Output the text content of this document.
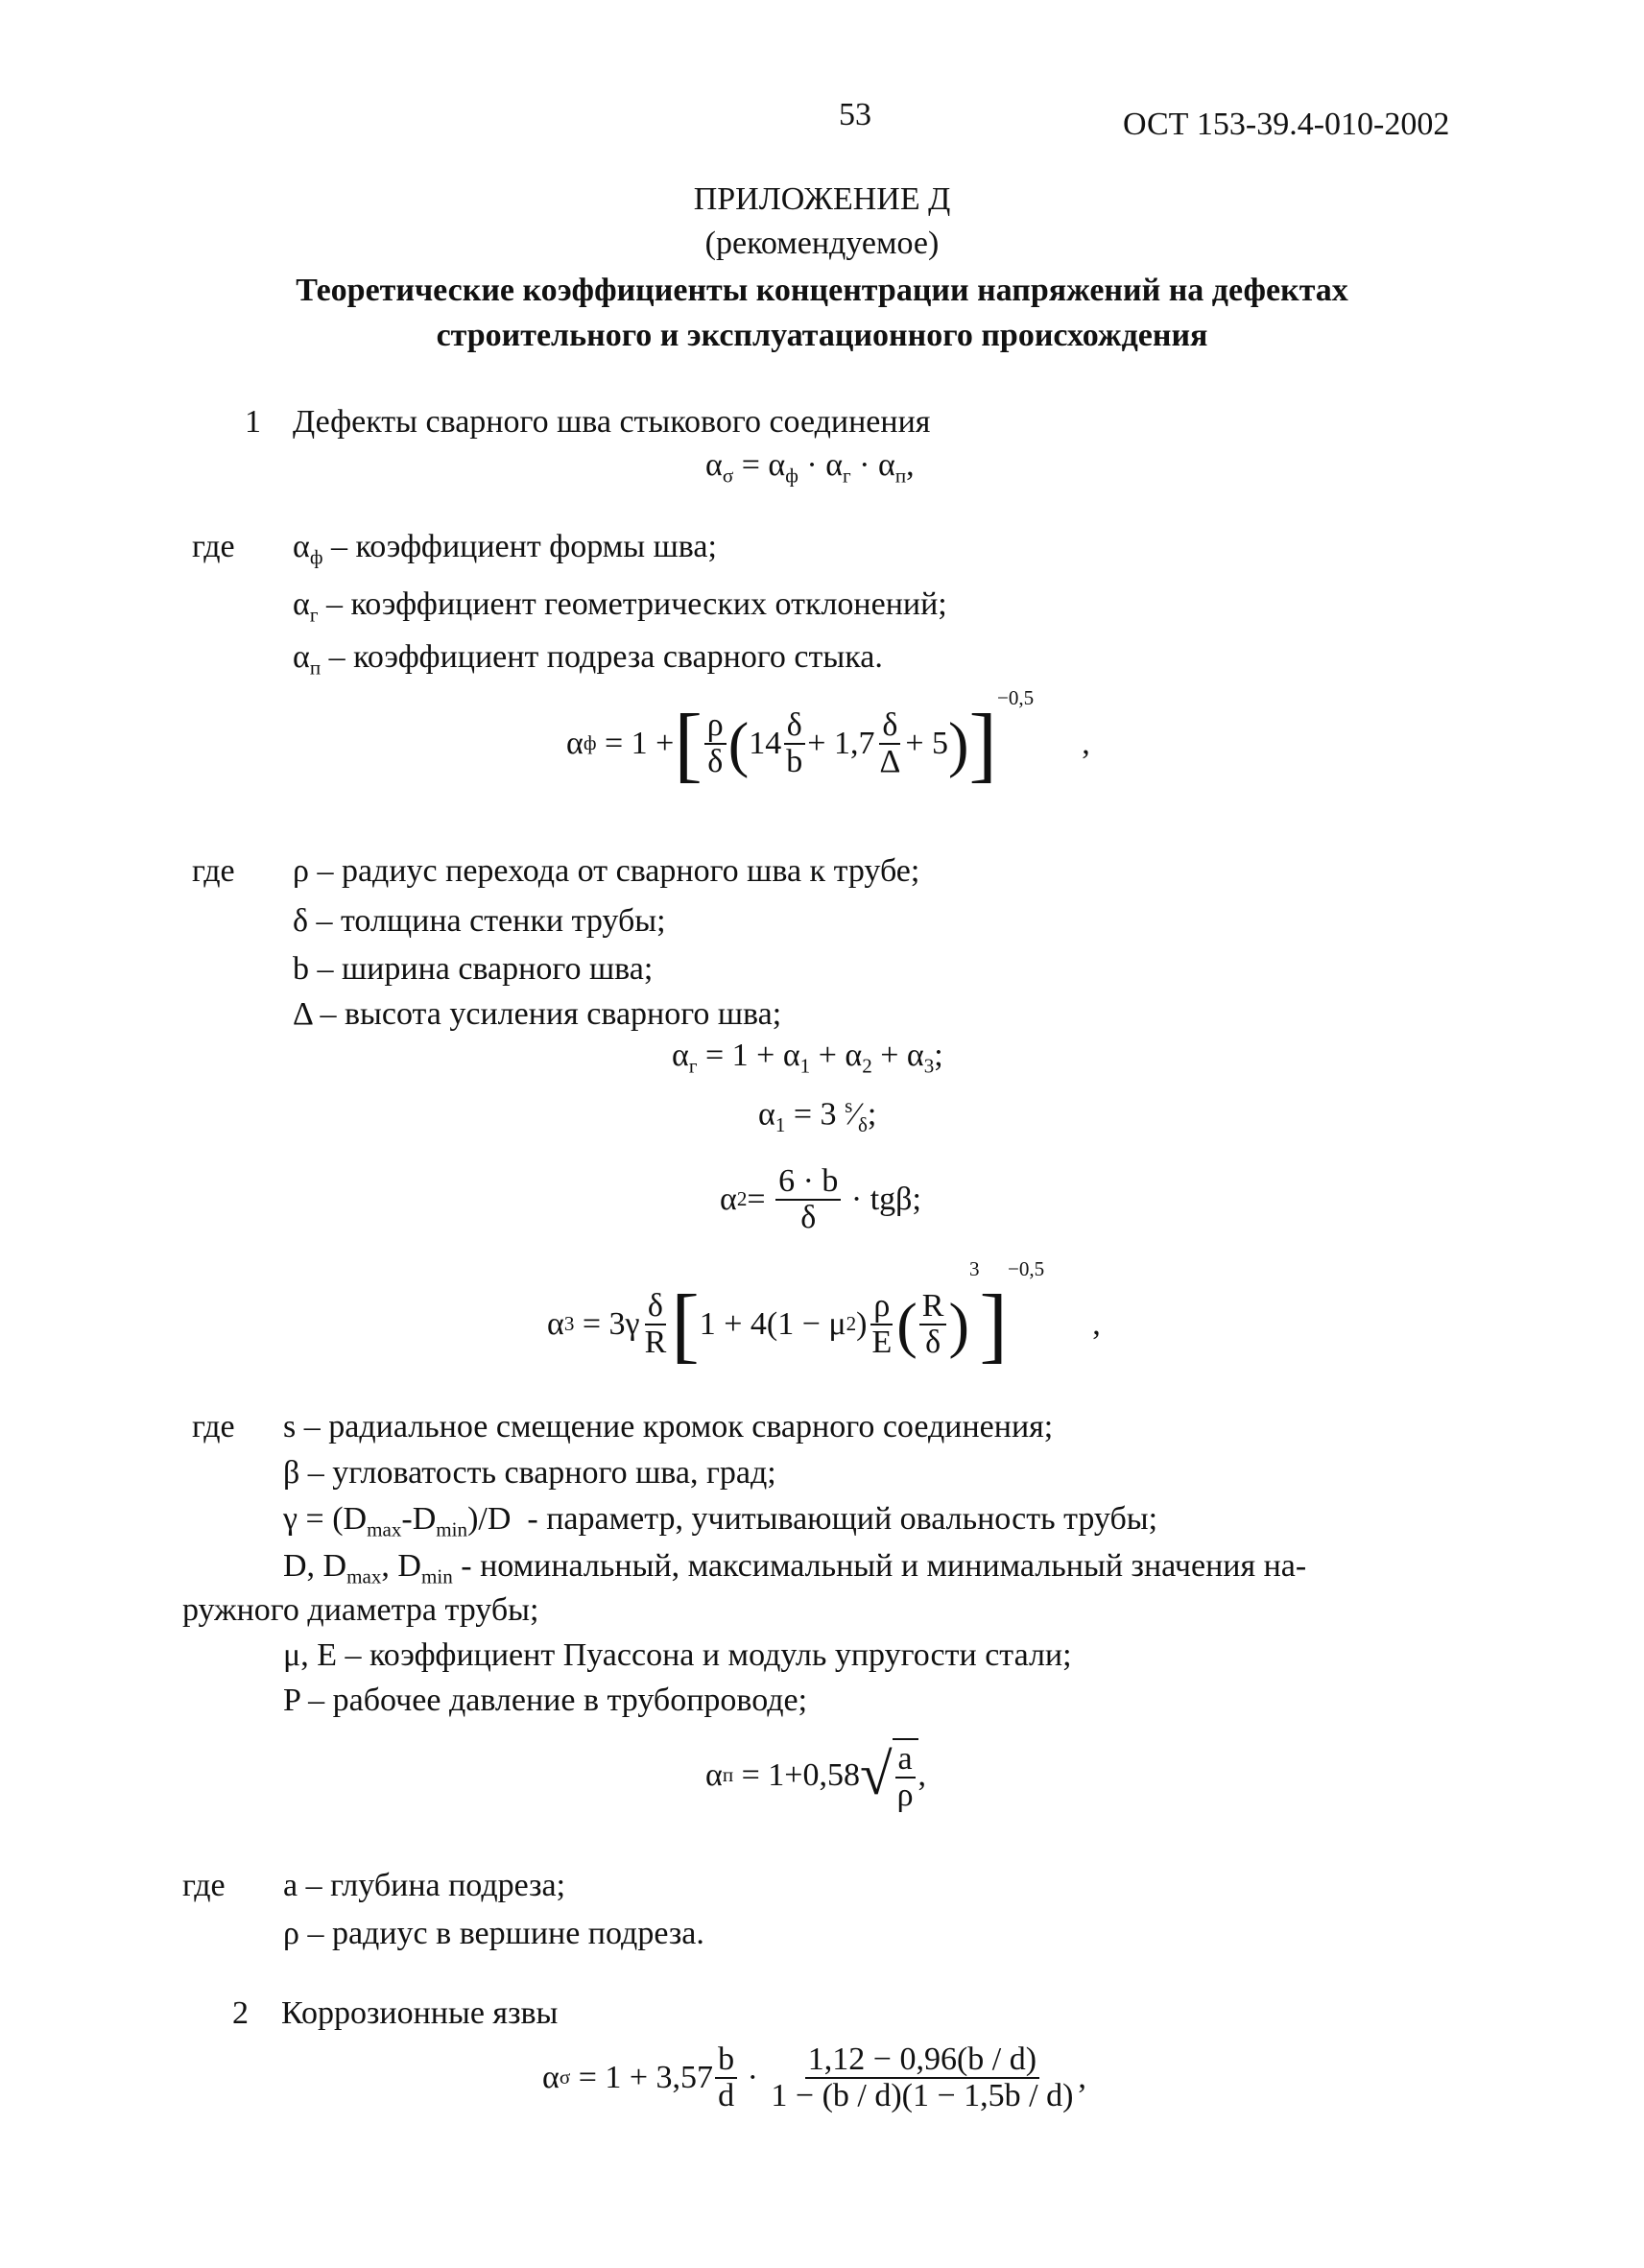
53	ОСТ 153-39.4-010-2002
ПРИЛОЖЕНИЕ Д
(рекомендуемое)
Теоретические коэффициенты концентрации напряжений на дефектах
строительного и эксплуатационного происхождения
1 Дефекты сварного шва стыкового соединения
$\alpha_\sigma = \alpha_ф \cdot \alpha_г \cdot \alpha_п$,
где $\alpha_ф$ – коэффициент формы шва;
$\alpha_г$ – коэффициент геометрических отклонений;
$\alpha_п$ – коэффициент подреза сварного стыка.
α ф = 1 + [ $\frac{\rho}{\delta}$ ( $14 \frac{\delta}{b} + 1,7 \frac{\delta}{\Delta} + 5$ ) ]$^{-0,5}$
,
где ρ – радиус перехода от сварного шва к трубе;
δ – толщина стенки трубы;
b – ширина сварного шва;
Δ – высота усиления сварного шва;
$\alpha_г = 1 + \alpha_1 + \alpha_2 + \alpha_3$;
$\alpha_1 = 3$ $^s⁄_\delta$;
α $2 = \frac{6 \cdot b}{\delta} \cdot tg\beta$;
α $3 = 3\gamma \frac{\delta}{R}$ [ 1 + 4(1 − μ 2 ) $\frac{\rho}{E}$ ( $\frac{R}{\delta}$ )
3
]
−0,5
,
где s – радиальное смещение кромок сварного соединения;
β – угловатость сварного шва, град;
$\gamma = (D_{max}-D_{min})/D$  - параметр, учитывающий овальность трубы;
D, $D_{max}$, $D_{min}$ - номинальный, максимальный и минимальный значения на-
ружного диаметра трубы;
μ, E – коэффициент Пуассона и модуль упругости стали;
P – рабочее давление в трубопроводе;
α п = 1+0,58 √ $\frac{a}{\rho}$ ,
где a – глубина подреза;
ρ – радиус в вершине подреза.
2 Коррозионные язвы
α $\sigma = 1 + 3,57 \frac{b}{d} \cdot \frac{1,12 - 0,96(b / d)}{1 - (b / d)(1 - 1,5b / d)}$ ,
